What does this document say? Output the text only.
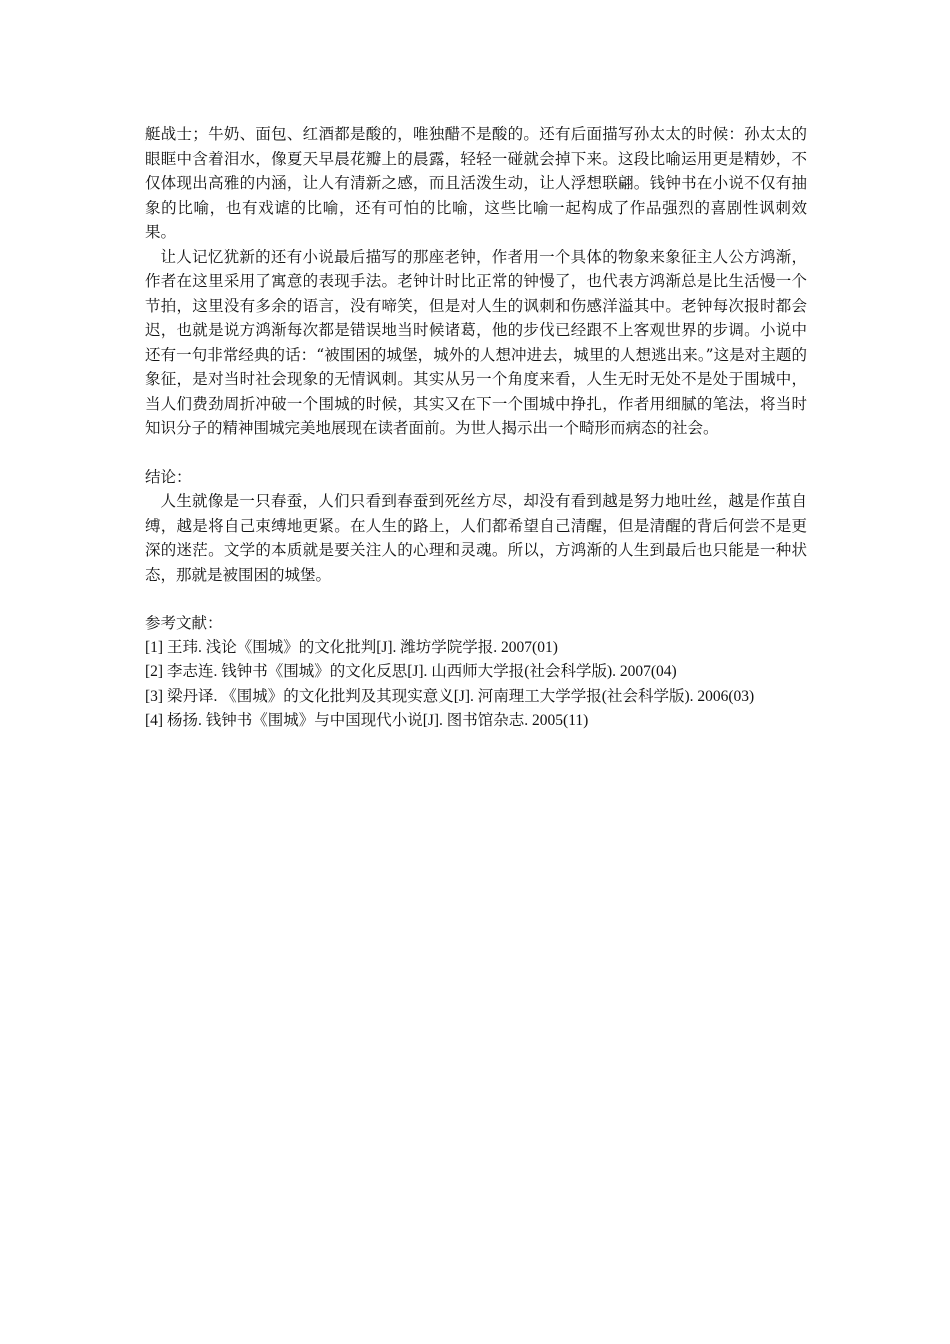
艇战士；牛奶、面包、红酒都是酸的，唯独醋不是酸的。还有后面描写孙太太的时候：孙太太的眼眶中含着泪水，像夏天早晨花瓣上的晨露，轻轻一碰就会掉下来。这段比喻运用更是精妙，不仅体现出高雅的内涵，让人有清新之感，而且活泼生动，让人浮想联翩。钱钟书在小说不仅有抽象的比喻，也有戏谑的比喻，还有可怕的比喻，这些比喻一起构成了作品强烈的喜剧性讽刺效果。

让人记忆犹新的还有小说最后描写的那座老钟，作者用一个具体的物象来象征主人公方鸿渐，作者在这里采用了寓意的表现手法。老钟计时比正常的钟慢了，也代表方鸿渐总是比生活慢一个节拍，这里没有多余的语言，没有啼笑，但是对人生的讽刺和伤感洋溢其中。老钟每次报时都会迟，也就是说方鸿渐每次都是错误地当时候诸葛，他的步伐已经跟不上客观世界的步调。小说中还有一句非常经典的话：“被围困的城堡，城外的人想冲进去，城里的人想逃出来。”这是对主题的象征，是对当时社会现象的无情讽刺。其实从另一个角度来看，人生无时无处不是处于围城中，当人们费劲周折冲破一个围城的时候，其实又在下一个围城中挣扎，作者用细腻的笔法，将当时知识分子的精神围城完美地展现在读者面前。为世人揭示出一个畸形而病态的社会。

结论：

人生就像是一只春蚕，人们只看到春蚕到死丝方尽，却没有看到越是努力地吐丝，越是作茧自缚，越是将自己束缚地更紧。在人生的路上，人们都希望自己清醒，但是清醒的背后何尝不是更深的迷茫。文学的本质就是要关注人的心理和灵魂。所以，方鸿渐的人生到最后也只能是一种状态，那就是被围困的城堡。

参考文献：

[1] 王玮. 浅论《围城》的文化批判[J]. 潍坊学院学报. 2007(01)
[2] 李志连. 钱钟书《围城》的文化反思[J]. 山西师大学报(社会科学版). 2007(04)
[3] 梁丹译. 《围城》的文化批判及其现实意义[J]. 河南理工大学学报(社会科学版). 2006(03)
[4] 杨扬. 钱钟书《围城》与中国现代小说[J]. 图书馆杂志. 2005(11)
